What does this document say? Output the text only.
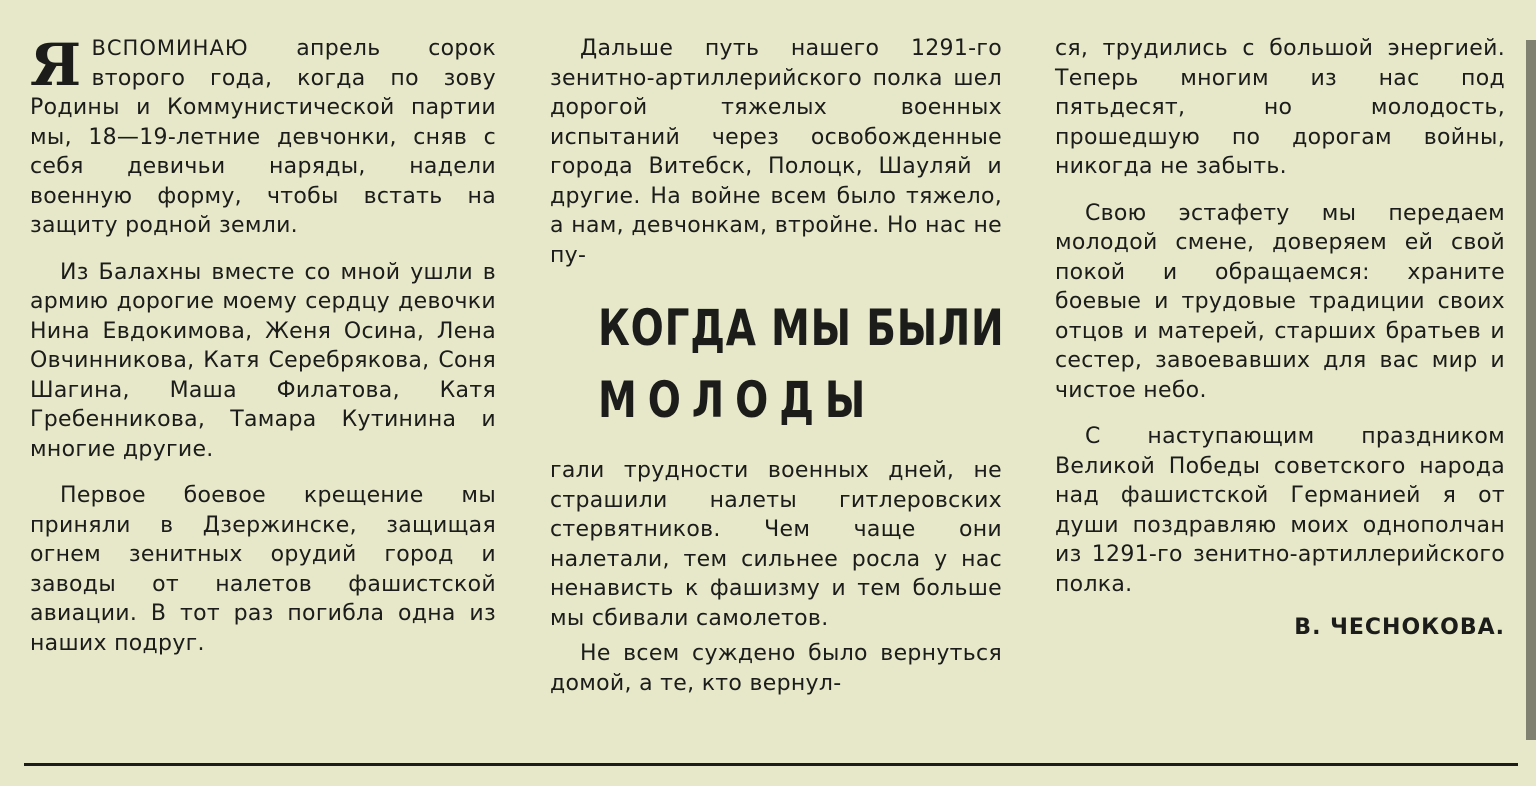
ЯВСПОМИНАЮ апрель сорок второго года, когда по зову Родины и Коммунистической партии мы, 18—19-летние девчонки, сняв с себя девичьи наряды, надели военную форму, чтобы встать на защиту родной земли.

Из Балахны вместе со мной ушли в армию дорогие моему сердцу девочки Нина Евдокимова, Женя Осина, Лена Овчинникова, Катя Серебрякова, Соня Шагина, Маша Филатова, Катя Гребенникова, Тамара Кутинина и многие другие.

Первое боевое крещение мы приняли в Дзержинске, защищая огнем зенитных орудий город и заводы от налетов фашистской авиации. В тот раз погибла одна из наших подруг.

Дальше путь нашего 1291-го зенитно-артиллерийского полка шел дорогой тяжелых военных испытаний через освобожденные города Витебск, Полоцк, Шауляй и другие. На войне всем было тяжело, а нам, девчонкам, втройне. Но нас не пу-

КОГДА МЫ БЫЛИ
МОЛОДЫ

гали трудности военных дней, не страшили налеты гитлеровских стервятников. Чем чаще они налетали, тем сильнее росла у нас ненависть к фашизму и тем больше мы сбивали самолетов.

Не всем суждено было вернуться домой, а те, кто вернул-

ся, трудились с большой энергией. Теперь многим из нас под пятьдесят, но молодость, прошедшую по дорогам войны, никогда не забыть.

Свою эстафету мы передаем молодой смене, доверяем ей свой покой и обращаемся: храните боевые и трудовые традиции своих отцов и матерей, старших братьев и сестер, завоевавших для вас мир и чистое небо.

С наступающим праздником Великой Победы советского народа над фашистской Германией я от души поздравляю моих однополчан из 1291-го зенитно-артиллерийского полка.

В. ЧЕСНОКОВА.
